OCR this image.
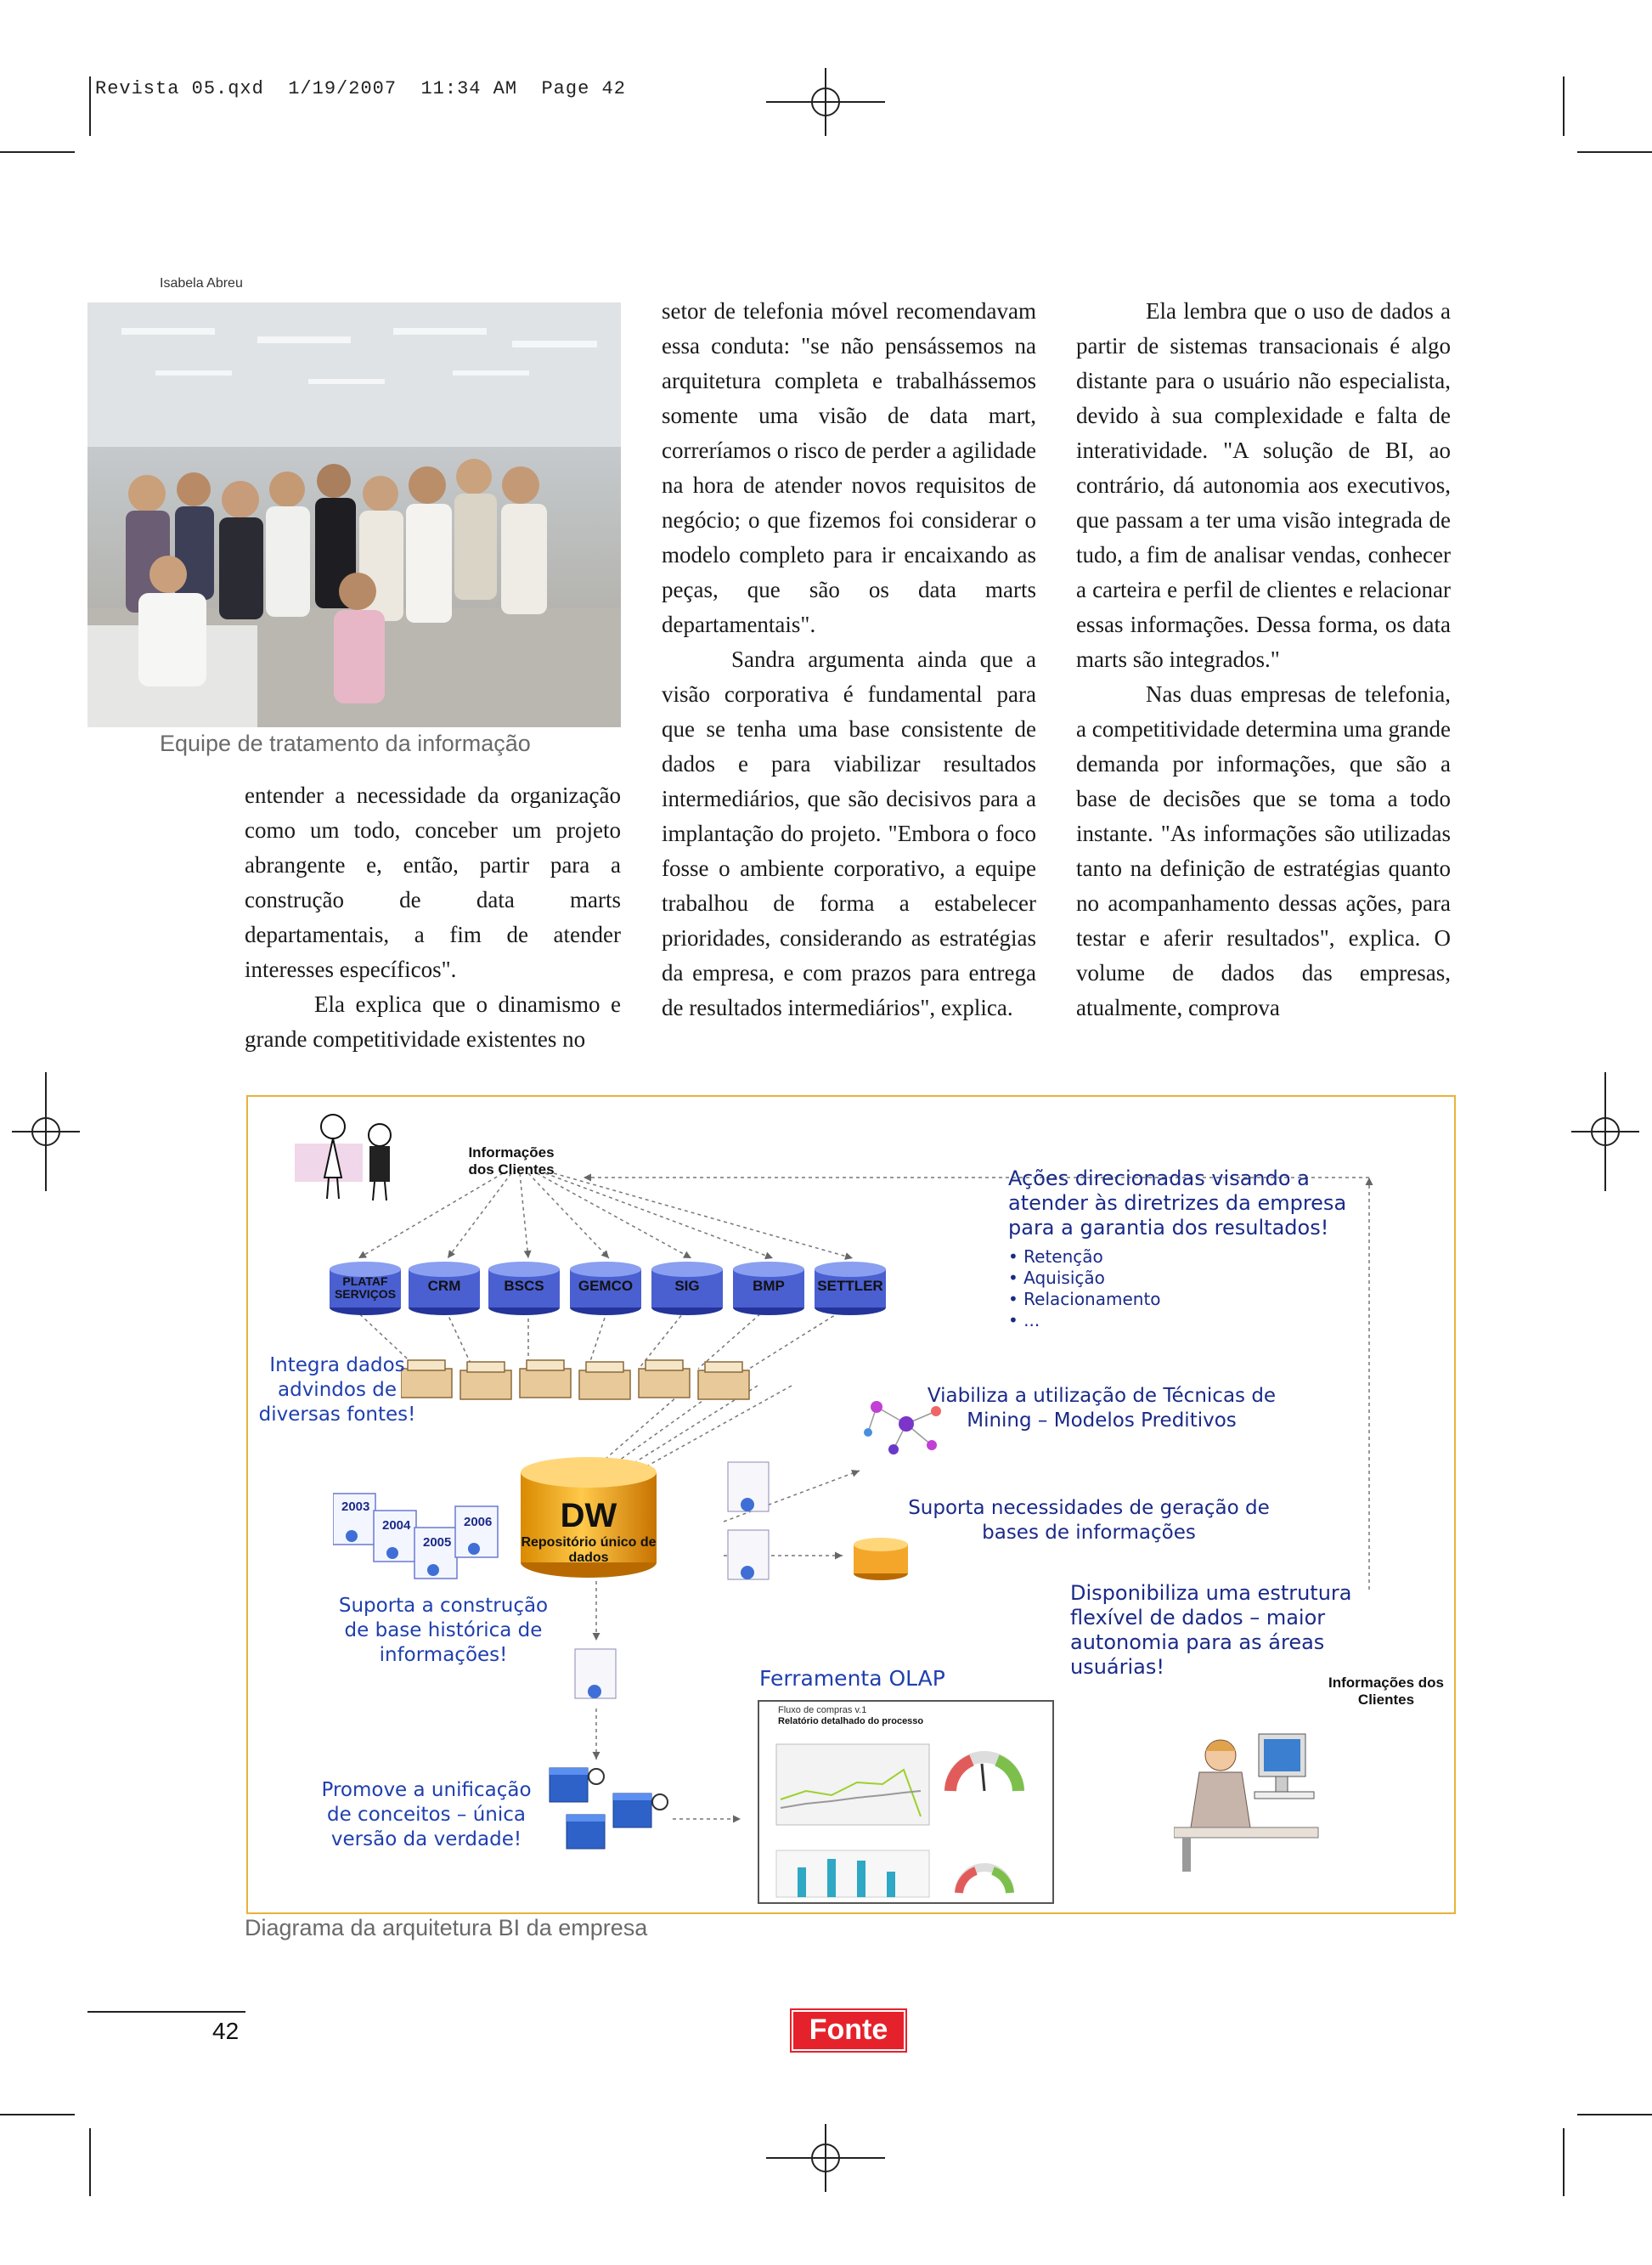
Revista 05.qxd  1/19/2007  11:34 AM  Page 42
Isabela Abreu
Equipe de tratamento da informação

entender a necessidade da organização como um todo, conceber um projeto abrangente e, então, partir para a construção de data marts departamentais, a fim de atender interesses específicos".

Ela explica que o dinamismo e grande competitividade existentes no

setor de telefonia móvel recomendavam essa conduta: "se não pensássemos na arquitetura completa e trabalhássemos somente uma visão de data mart, correríamos o risco de perder a agilidade na hora de atender novos requisitos de negócio; o que fizemos foi considerar o modelo completo para ir encaixando as peças, que são os data marts departamentais".

Sandra argumenta ainda que a visão corporativa é fundamental para que se tenha uma base consistente de dados e para viabilizar resultados intermediários, que são decisivos para a implantação do projeto. "Embora o foco fosse o ambiente corporativo, a equipe trabalhou de forma a estabelecer prioridades, considerando as estratégias da empresa, e com prazos para entrega de resultados intermediários", explica.

Ela lembra que o uso de dados a partir de sistemas transacionais é algo distante para o usuário não especialista, devido à sua complexidade e falta de interatividade. "A solução de BI, ao contrário, dá autonomia aos executivos, que passam a ter uma visão integrada de tudo, a fim de analisar vendas, conhecer a carteira e perfil de clientes e relacionar essas informações. Dessa forma, os data marts são integrados."

Nas duas empresas de telefonia, a competitividade determina uma grande demanda por informações, que são a base de decisões que se toma a todo instante. "As informações são utilizadas tanto na definição de estratégias quanto no acompanhamento dessas ações, para testar e aferir resultados", explica. O volume de dados das empresas, atualmente, comprova

Informações dos Clientes	Ações direcionadas visando a atender às diretrizes da empresa para a garantia dos resultados!
• Retenção
• Aquisição
• Relacionamento
• ...
PLATAF SERVIÇOS	CRM	BSCS	GEMCO	SIG	BMP	SETTLER
Integra dados advindos de diversas fontes!
Viabiliza a utilização de Técnicas de Mining – Modelos Preditivos
2003
2004
2005
2006	DW
Repositório único de dados
Suporta necessidades de geração de bases de informações
Suporta a construção de base histórica de informações!
Disponibiliza uma estrutura flexível de dados – maior autonomia para as áreas usuárias!
Promove a unificação de conceitos – única versão da verdade!
Ferramenta OLAP
Fluxo de compras v.1
Relatório detalhado do processo
Informações dos Clientes
Diagrama da arquitetura BI da empresa
42	Fonte
